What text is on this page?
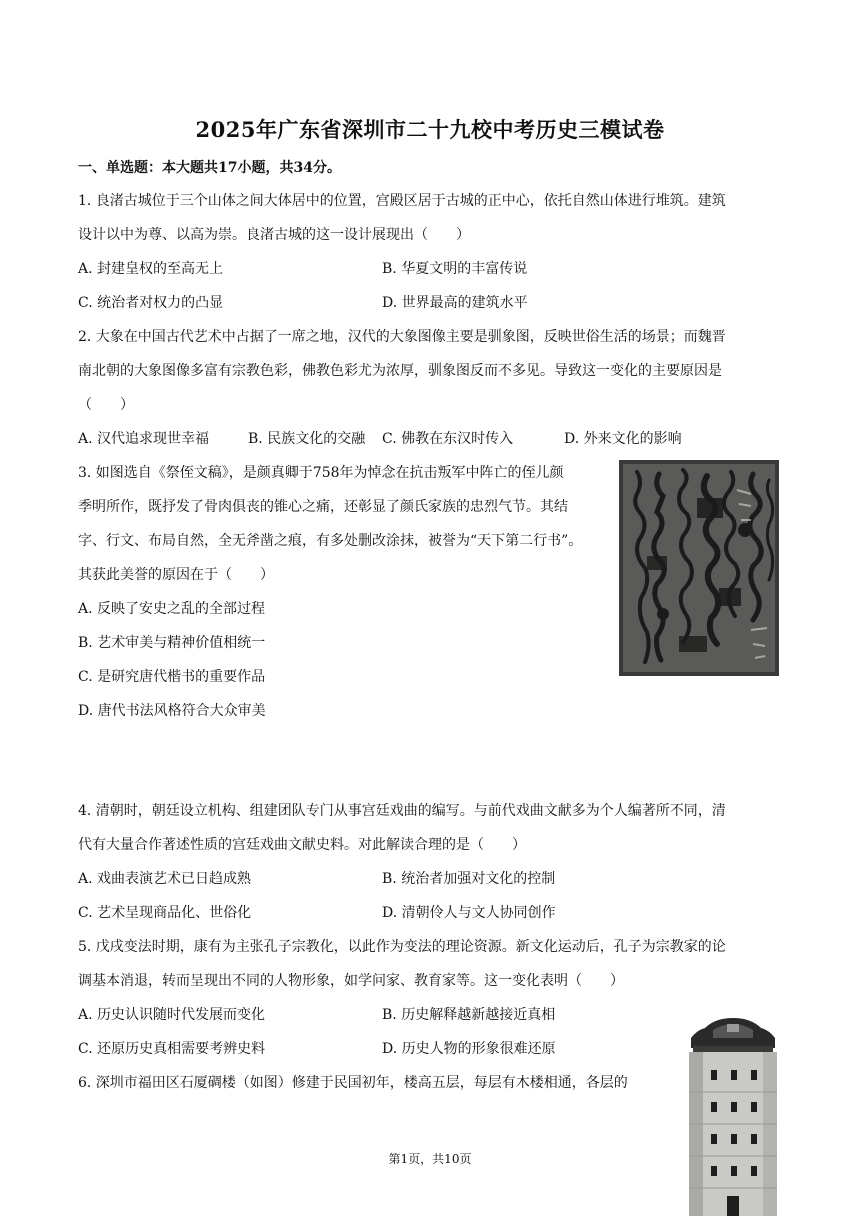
2025年广东省深圳市二十九校中考历史三模试卷
一、单选题：本大题共17小题，共34分。
1. 良渚古城位于三个山体之间大体居中的位置，宫殿区居于古城的正中心，依托自然山体进行堆筑。建筑
设计以中为尊、以高为崇。良渚古城的这一设计展现出（　　）
A. 封建皇权的至高无上	B. 华夏文明的丰富传说
C. 统治者对权力的凸显	D. 世界最高的建筑水平
2. 大象在中国古代艺术中占据了一席之地，汉代的大象图像主要是驯象图，反映世俗生活的场景；而魏晋
南北朝的大象图像多富有宗教色彩，佛教色彩尤为浓厚，驯象图反而不多见。导致这一变化的主要原因是
（　　）
A. 汉代追求现世幸福	B. 民族文化的交融 C. 佛教在东汉时传入	D. 外来文化的影响
3. 如图选自《祭侄文稿》，是颜真卿于758年为悼念在抗击叛军中阵亡的侄儿颜
季明所作，既抒发了骨肉俱丧的锥心之痛，还彰显了颜氏家族的忠烈气节。其结
字、行文、布局自然，全无斧凿之痕，有多处删改涂抹，被誉为“天下第二行书”。
其获此美誉的原因在于（　　）
A. 反映了安史之乱的全部过程
B. 艺术审美与精神价值相统一
C. 是研究唐代楷书的重要作品
D. 唐代书法风格符合大众审美
4. 清朝时，朝廷设立机构、组建团队专门从事宫廷戏曲的编写。与前代戏曲文献多为个人编著所不同，清
代有大量合作著述性质的宫廷戏曲文献史料。对此解读合理的是（　　）
A. 戏曲表演艺术已日趋成熟	B. 统治者加强对文化的控制
C. 艺术呈现商品化、世俗化	D. 清朝伶人与文人协同创作
5. 戊戌变法时期，康有为主张孔子宗教化，以此作为变法的理论资源。新文化运动后，孔子为宗教家的论
调基本消退，转而呈现出不同的人物形象，如学问家、教育家等。这一变化表明（　　）
A. 历史认识随时代发展而变化	B. 历史解释越新越接近真相
C. 还原历史真相需要考辨史料	D. 历史人物的形象很难还原
6. 深圳市福田区石厦碉楼（如图）修建于民国初年，楼高五层，每层有木楼相通，各层的
第1页，共10页
